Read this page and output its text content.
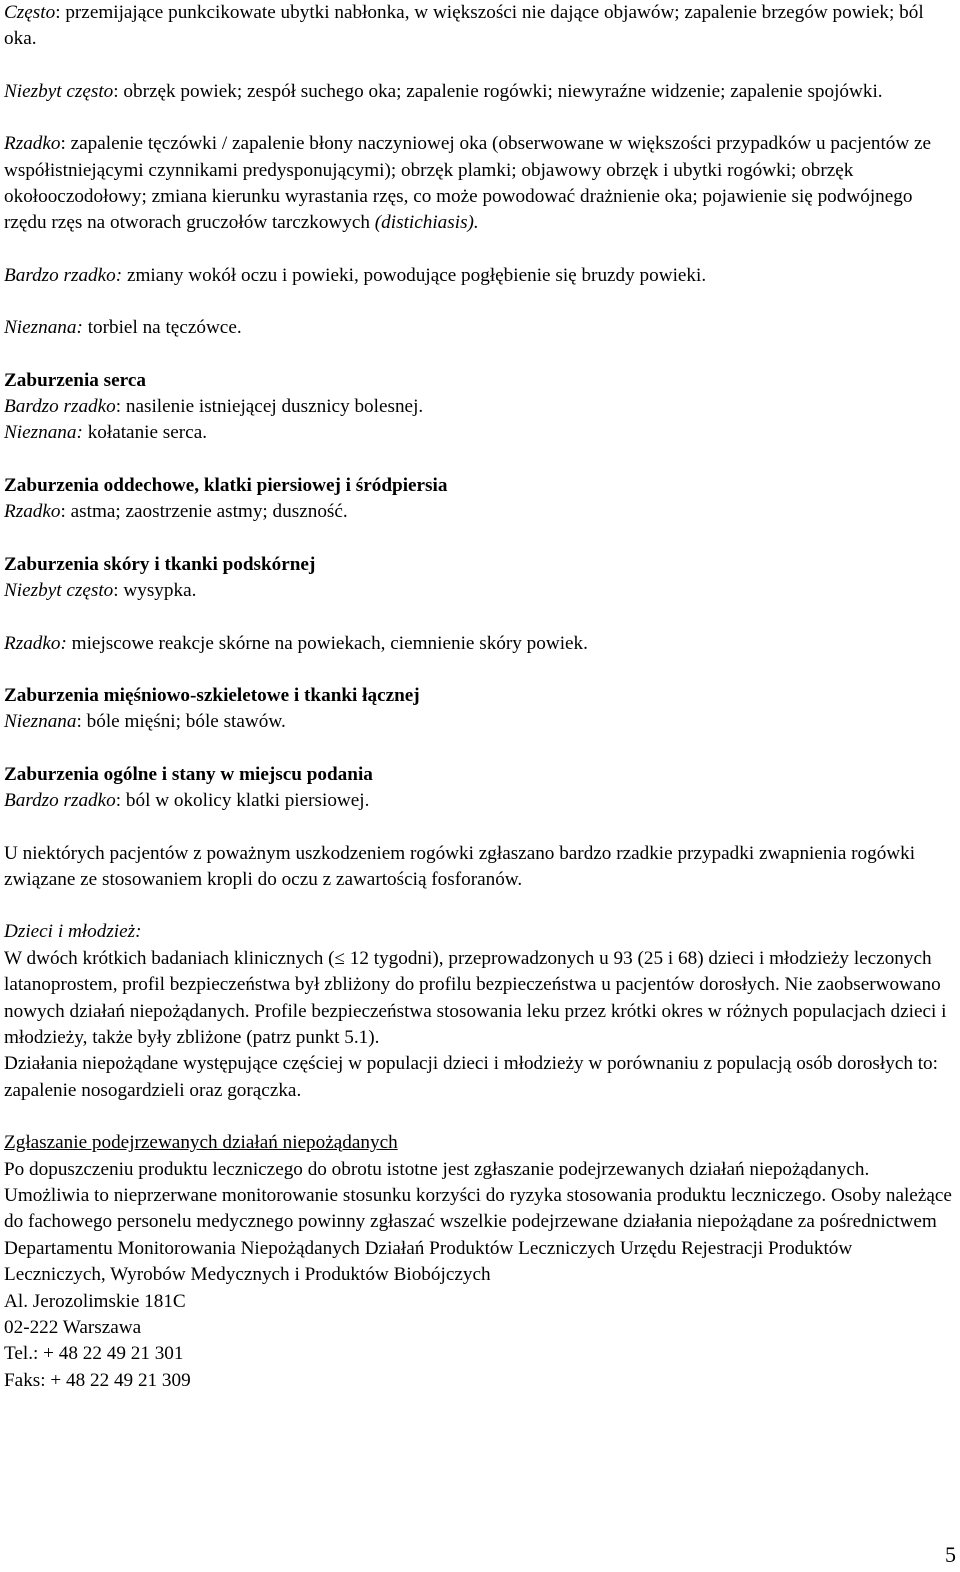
Często: przemijające punkcikowate ubytki nabłonka, w większości nie dające objawów; zapalenie brzegów powiek; ból oka.

Niezbyt często: obrzęk powiek; zespół suchego oka; zapalenie rogówki; niewyraźne widzenie; zapalenie spojówki.

Rzadko: zapalenie tęczówki / zapalenie błony naczyniowej oka (obserwowane w większości przypadków u pacjentów ze współistniejącymi czynnikami predysponującymi); obrzęk plamki; objawowy obrzęk i ubytki rogówki; obrzęk okołooczodołowy; zmiana kierunku wyrastania rzęs, co może powodować drażnienie oka; pojawienie się podwójnego rzędu rzęs na otworach gruczołów tarczkowych (distichiasis).

Bardzo rzadko: zmiany wokół oczu i powieki, powodujące pogłębienie się bruzdy powieki.

Nieznana: torbiel na tęczówce.

Zaburzenia serca

Bardzo rzadko: nasilenie istniejącej dusznicy bolesnej.

Nieznana: kołatanie serca.

Zaburzenia oddechowe, klatki piersiowej i śródpiersia

Rzadko: astma; zaostrzenie astmy; duszność.

Zaburzenia skóry i tkanki podskórnej

Niezbyt często: wysypka.

Rzadko: miejscowe reakcje skórne na powiekach, ciemnienie skóry powiek.

Zaburzenia mięśniowo-szkieletowe i tkanki łącznej

Nieznana: bóle mięśni; bóle stawów.

Zaburzenia ogólne i stany w miejscu podania

Bardzo rzadko: ból w okolicy klatki piersiowej.

U niektórych pacjentów z poważnym uszkodzeniem rogówki zgłaszano bardzo rzadkie przypadki zwapnienia rogówki związane ze stosowaniem kropli do oczu z zawartością fosforanów.

Dzieci i młodzież:

W dwóch krótkich badaniach klinicznych (≤ 12 tygodni), przeprowadzonych u 93 (25 i 68) dzieci i młodzieży leczonych latanoprostem, profil bezpieczeństwa był zbliżony do profilu bezpieczeństwa u pacjentów dorosłych. Nie zaobserwowano nowych działań niepożądanych. Profile bezpieczeństwa stosowania leku przez krótki okres w różnych populacjach dzieci i młodzieży, także były zbliżone (patrz punkt 5.1).

Działania niepożądane występujące częściej w populacji dzieci i młodzieży w porównaniu z populacją osób dorosłych to: zapalenie nosogardzieli oraz gorączka.

Zgłaszanie podejrzewanych działań niepożądanych

Po dopuszczeniu produktu leczniczego do obrotu istotne jest zgłaszanie podejrzewanych działań niepożądanych. Umożliwia to nieprzerwane monitorowanie stosunku korzyści do ryzyka stosowania produktu leczniczego. Osoby należące do fachowego personelu medycznego powinny zgłaszać wszelkie podejrzewane działania niepożądane za pośrednictwem Departamentu Monitorowania Niepożądanych Działań Produktów Leczniczych Urzędu Rejestracji Produktów Leczniczych, Wyrobów Medycznych i Produktów Biobójczych

Al. Jerozolimskie 181C

02-222 Warszawa

Tel.: + 48 22 49 21 301

Faks: + 48 22 49 21 309

5
